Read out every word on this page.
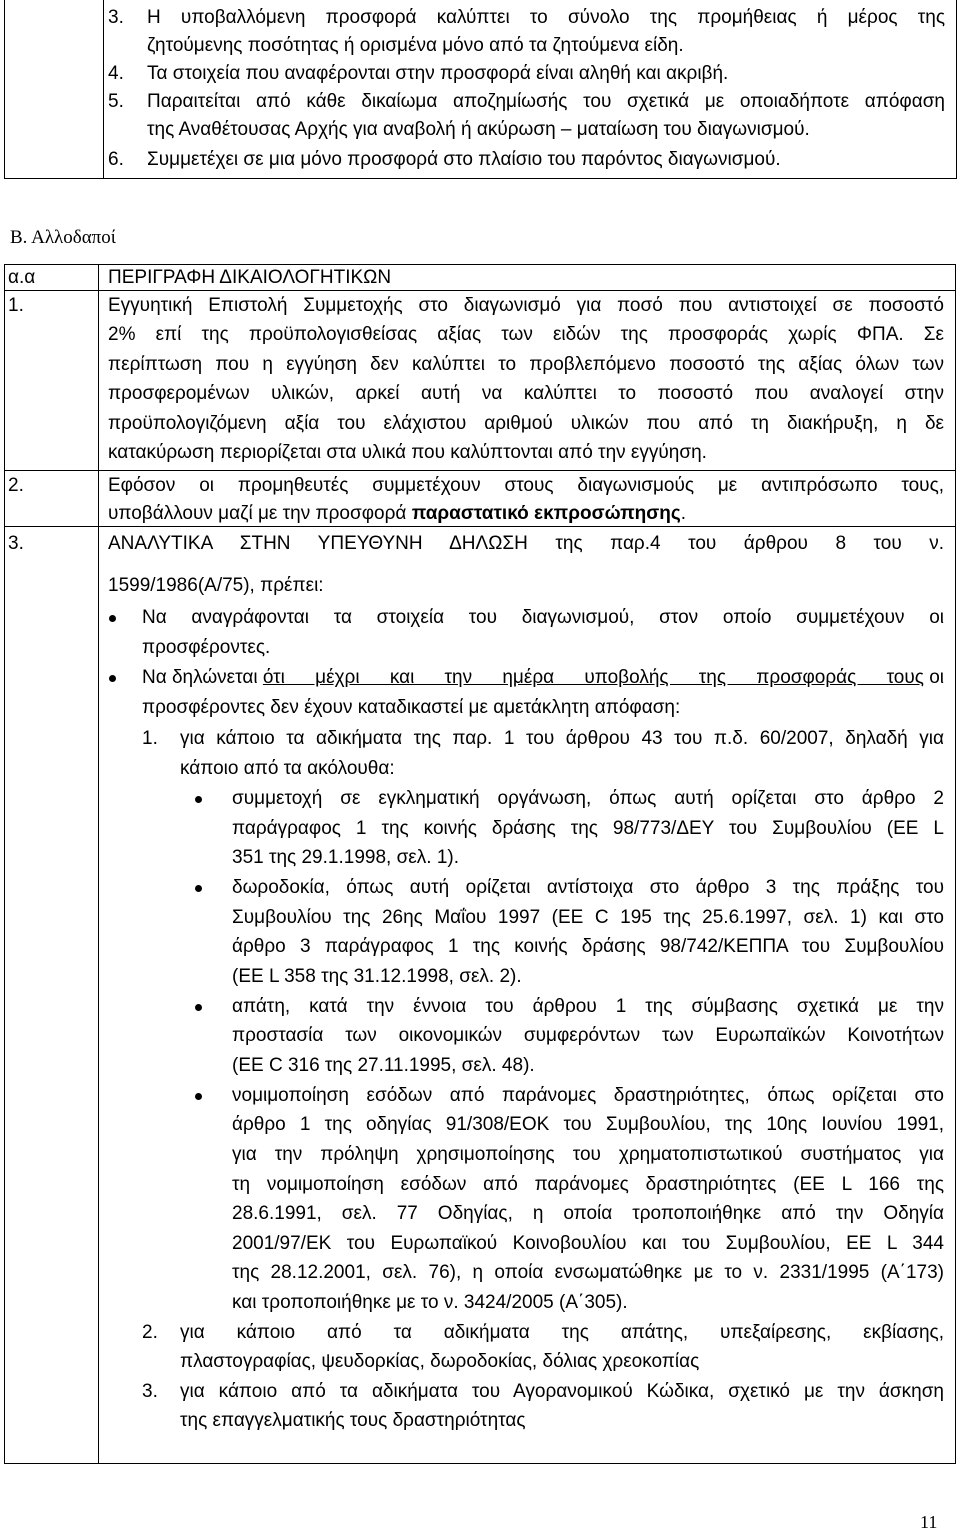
3. Η υποβαλλόμενη προσφορά καλύπτει το σύνολο της προμήθειας ή μέρος της
ζητούμενης ποσότητας ή ορισμένα μόνο από τα ζητούμενα είδη.
4. Τα στοιχεία που αναφέρονται στην προσφορά είναι αληθή και ακριβή.
5. Παραιτείται από κάθε δικαίωμα αποζημίωσής του σχετικά με οποιαδήποτε απόφαση
της Αναθέτουσας Αρχής για αναβολή ή ακύρωση – ματαίωση του διαγωνισμού.
6. Συμμετέχει σε μια μόνο προσφορά στο πλαίσιο του παρόντος διαγωνισμού.
Β. Αλλοδαποί
α.α	ΠΕΡΙΓΡΑΦΗ ΔΙΚΑΙΟΛΟΓΗΤΙΚΩΝ
1.	Εγγυητική Επιστολή Συμμετοχής στο διαγωνισμό για ποσό που αντιστοιχεί σε ποσοστό
2% επί της προϋπολογισθείσας αξίας των ειδών της προσφοράς χωρίς ΦΠΑ. Σε
περίπτωση που η εγγύηση δεν καλύπτει το προβλεπόμενο ποσοστό της αξίας όλων των
προσφερομένων υλικών, αρκεί αυτή να καλύπτει το ποσοστό που αναλογεί στην
προϋπολογιζόμενη αξία του ελάχιστου αριθμού υλικών που από τη διακήρυξη, η δε
κατακύρωση περιορίζεται στα υλικά που καλύπτονται από την εγγύηση.
2.	Εφόσον οι προμηθευτές συμμετέχουν στους διαγωνισμούς με αντιπρόσωπο τους,
υποβάλλουν μαζί με την προσφορά παραστατικό εκπροσώπησης.
3.	ΑΝΑΛΥΤΙΚΑ ΣΤΗΝ ΥΠΕΥΘΥΝΗ ΔΗΛΩΣΗ της παρ.4 του άρθρου 8 του ν.
1599/1986(Α/75), πρέπει:
Να αναγράφονται τα στοιχεία του διαγωνισμού, στον οποίο συμμετέχουν οι
προσφέροντες.
Να δηλώνεται ότι μέχρι και την ημέρα υποβολής της προσφοράς τους οι
προσφέροντες δεν έχουν καταδικαστεί με αμετάκλητη απόφαση:
1. για κάποιο τα αδικήματα της παρ. 1 του άρθρου 43 του π.δ. 60/2007, δηλαδή για
κάποιο από τα ακόλουθα:
συμμετοχή σε εγκληματική οργάνωση, όπως αυτή ορίζεται στο άρθρο 2
παράγραφος 1 της κοινής δράσης της 98/773/ΔΕΥ του Συμβουλίου (ΕΕ L
351 της 29.1.1998, σελ. 1).
δωροδοκία, όπως αυτή ορίζεται αντίστοιχα στο άρθρο 3 της πράξης του
Συμβουλίου της 26ης Μαΐου 1997 (ΕΕ C 195 της 25.6.1997, σελ. 1) και στο
άρθρο 3 παράγραφος 1 της κοινής δράσης 98/742/ΚΕΠΠΑ του Συμβουλίου
(ΕΕ L 358 της 31.12.1998, σελ. 2).
απάτη, κατά την έννοια του άρθρου 1 της σύμβασης σχετικά με την
προστασία των οικονομικών συμφερόντων των Ευρωπαϊκών Κοινοτήτων
(ΕΕ C 316 της 27.11.1995, σελ. 48).
νομιμοποίηση εσόδων από παράνομες δραστηριότητες, όπως ορίζεται στο
άρθρο 1 της οδηγίας 91/308/ΕΟΚ του Συμβουλίου, της 10ης Ιουνίου 1991,
για την πρόληψη χρησιμοποίησης του χρηματοπιστωτικού συστήματος για
τη νομιμοποίηση εσόδων από παράνομες δραστηριότητες (ΕΕ L 166 της
28.6.1991, σελ. 77 Οδηγίας, η οποία τροποποιήθηκε από την Οδηγία
2001/97/ΕΚ του Ευρωπαϊκού Κοινοβουλίου και του Συμβουλίου, ΕΕ L 344
της 28.12.2001, σελ. 76), η οποία ενσωματώθηκε με το ν. 2331/1995 (Α΄173)
και τροποποιήθηκε με το ν. 3424/2005 (Α΄305).
2. για κάποιο από τα αδικήματα της απάτης, υπεξαίρεσης, εκβίασης,
πλαστογραφίας, ψευδορκίας, δωροδοκίας, δόλιας χρεοκοπίας
3. για κάποιο από τα αδικήματα του Αγορανομικού Κώδικα, σχετικό με την άσκηση
της επαγγελματικής τους δραστηριότητας
11
